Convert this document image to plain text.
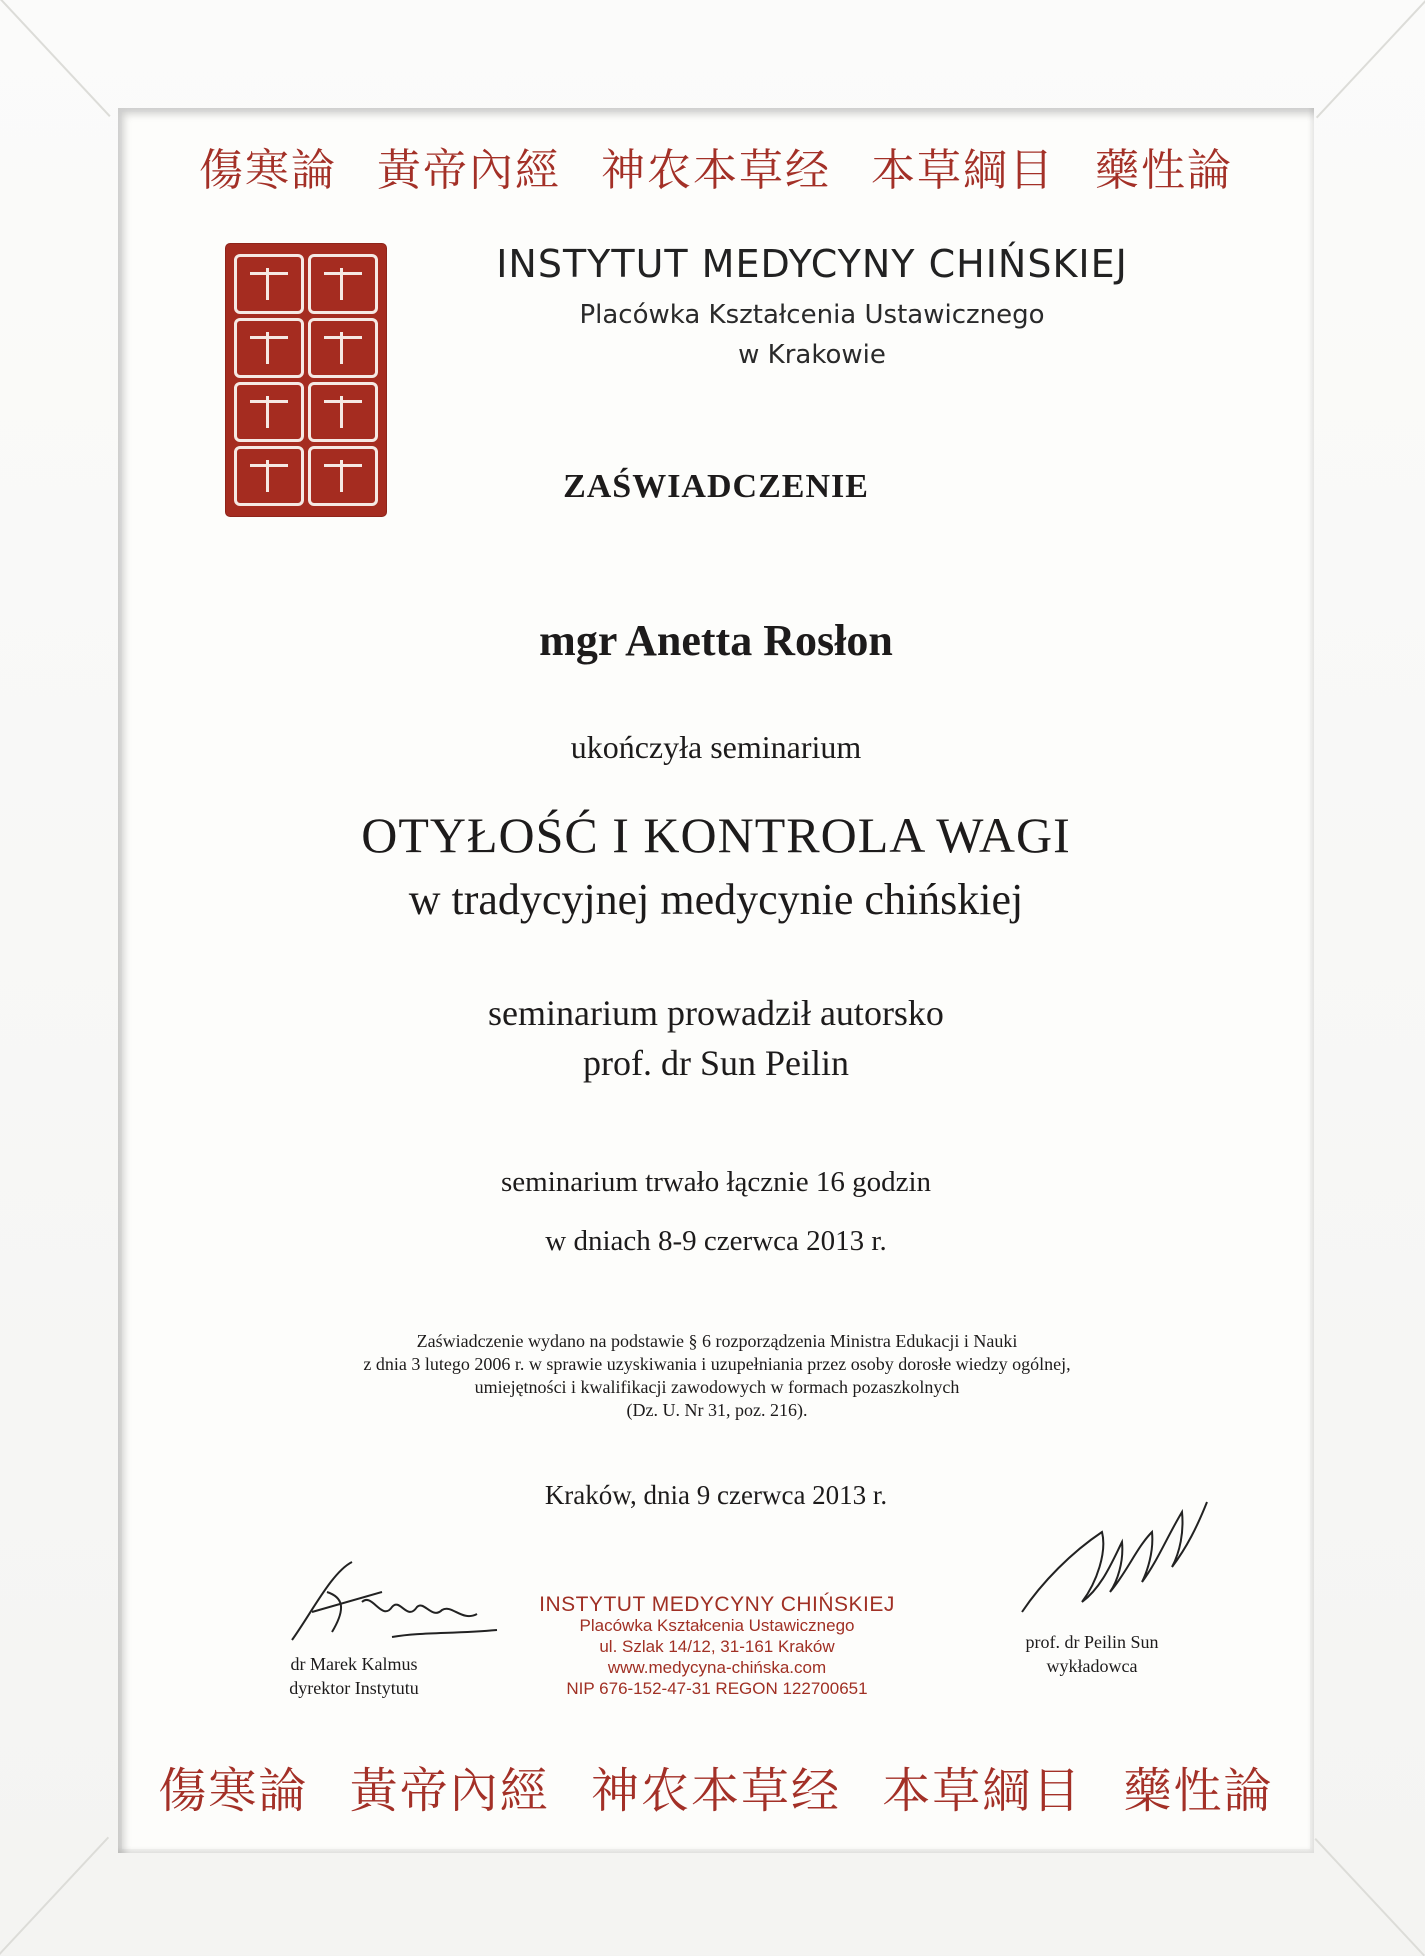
傷寒論 黃帝內經 神农本草经 本草綱目 藥性論
INSTYTUT MEDYCYNY CHIŃSKIEJ
Placówka Kształcenia Ustawicznego
w Krakowie
ZAŚWIADCZENIE
mgr Anetta Rosłon
ukończyła seminarium
OTYŁOŚĆ I KONTROLA WAGI
w tradycyjnej medycynie chińskiej
seminarium prowadził autorsko
prof. dr Sun Peilin
seminarium trwało łącznie 16 godzin
w dniach 8-9 czerwca 2013 r.
Zaświadczenie wydano na podstawie § 6 rozporządzenia Ministra Edukacji i Nauki
z dnia 3 lutego 2006 r. w sprawie uzyskiwania i uzupełniania przez osoby dorosłe wiedzy ogólnej,
umiejętności i kwalifikacji zawodowych w formach pozaszkolnych
(Dz. U. Nr 31, poz. 216).
Kraków, dnia 9 czerwca 2013 r.
dr Marek Kalmus
dyrektor Instytutu
INSTYTUT MEDYCYNY CHIŃSKIEJ
Placówka Kształcenia Ustawicznego
ul. Szlak 14/12, 31-161 Kraków
www.medycyna-chińska.com
NIP 676-152-47-31 REGON 122700651
prof. dr Peilin Sun
wykładowca
傷寒論 黃帝內經 神农本草经 本草綱目 藥性論
